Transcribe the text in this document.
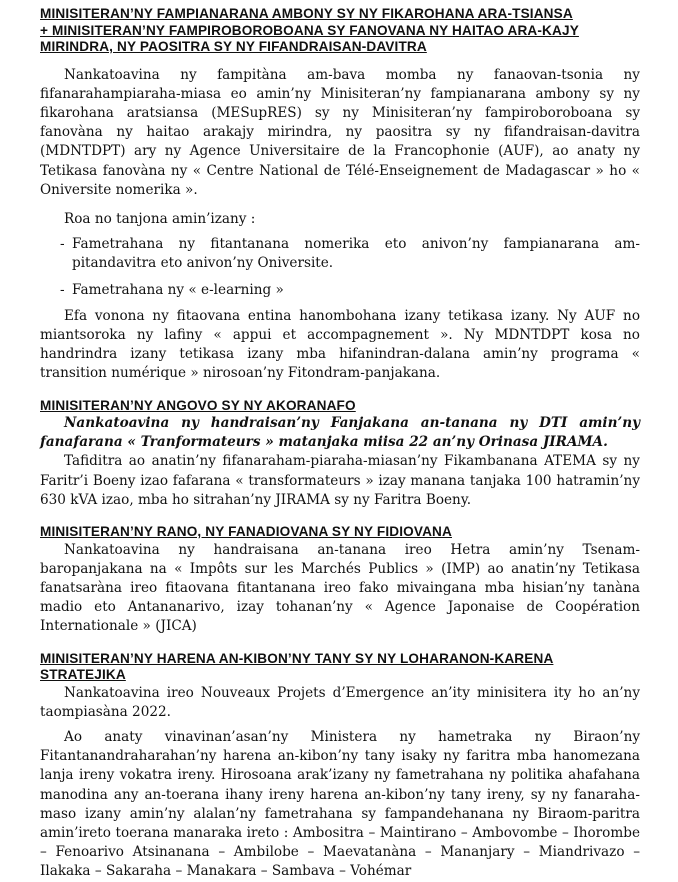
MINISITERAN’NY FAMPIANARANA AMBONY SY NY FIKAROHANA ARA-TSIANSA
+ MINISITERAN’NY FAMPIROBOROBOANA SY FANOVANA NY HAITAO ARA-KAJY
MIRINDRA, NY PAOSITRA SY NY FIFANDRAISAN-DAVITRA

Nankatoavina ny fampitàna am-bava momba ny fanaovan-tsonia ny fifanarahampiaraha-miasa eo amin’ny Minisiteran’ny fampianarana ambony sy ny fikarohana aratsiansa (MESupRES) sy ny Minisiteran’ny fampiroboroboana sy fanovàna ny haitao arakajy mirindra, ny paositra sy ny fifandraisan-davitra (MDNTDPT) ary ny Agence Universitaire de la Francophonie (AUF), ao anaty ny Tetikasa fanovàna ny « Centre National de Télé-Enseignement de Madagascar » ho « Oniversite nomerika ».

Roa no tanjona amin’izany :

- Fametrahana ny fitantanana nomerika eto anivon’ny fampianarana am-pitandavitra eto anivon’ny Oniversite.
- Fametrahana ny « e-learning »

Efa vonona ny fitaovana entina hanombohana izany tetikasa izany. Ny AUF no miantsoroka ny lafiny « appui et accompagnement ». Ny MDNTDPT kosa no handrindra izany tetikasa izany mba hifanindran-dalana amin’ny programa « transition numérique » nirosoan’ny Fitondram-panjakana.

MINISITERAN’NY ANGOVO SY NY AKORANAFO

Nankatoavina ny handraisan’ny Fanjakana an-tanana ny DTI amin’ny fanafarana « Tranformateurs » matanjaka miisa 22 an’ny Orinasa JIRAMA.

Tafiditra ao anatin’ny fifanaraham-piaraha-miasan’ny Fikambanana ATEMA sy ny Faritr’i Boeny izao fafarana « transformateurs » izay manana tanjaka 100 hatramin’ny 630 kVA izao, mba ho sitrahan’ny JIRAMA sy ny Faritra Boeny.

MINISITERAN’NY RANO, NY FANADIOVANA SY NY FIDIOVANA

Nankatoavina ny handraisana an-tanana ireo Hetra amin’ny Tsenam-baropanjakana na « Impôts sur les Marchés Publics » (IMP) ao anatin’ny Tetikasa fanatsaràna ireo fitaovana fitantanana ireo fako mivaingana mba hisian’ny tanàna madio eto Antananarivo, izay tohanan’ny « Agence Japonaise de Coopération Internationale » (JICA)

MINISITERAN’NY HARENA AN-KIBON’NY TANY SY NY LOHARANON-KARENA
STRATEJIKA

Nankatoavina ireo Nouveaux Projets d’Emergence an’ity minisitera ity ho an’ny taompiasàna 2022.

Ao anaty vinavinan’asan’ny Ministera ny hametraka ny Biraon’ny Fitantanandraharahan’ny harena an-kibon’ny tany isaky ny faritra mba hanomezana lanja ireny vokatra ireny. Hirosoana arak’izany ny fametrahana ny politika ahafahana manodina any an-toerana ihany ireny harena an-kibon’ny tany ireny, sy ny fanaraha-maso izany amin’ny alalan’ny fametrahana sy fampandehanana ny Biraom-paritra amin’ireto toerana manaraka ireto : Ambositra – Maintirano – Ambovombe – Ihorombe – Fenoarivo Atsinanana – Ambilobe – Maevatanàna – Mananjary – Miandrivazo – Ilakaka – Sakaraha – Manakara – Sambava – Vohémar
